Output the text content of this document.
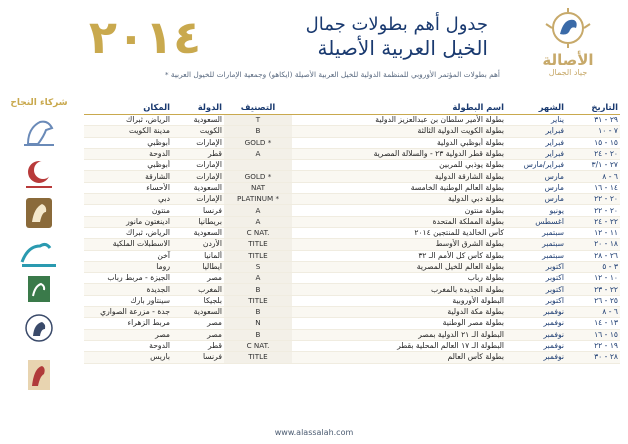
الأصالة
جياد الجمال
٢٠١٤	جدول أهم بطولات جمال
الخيل العربية الأصيلة
أهم بطولات المؤتمر الأوروبي للمنظمة الدولية للخيل العربية الأصيلة (ايكاهو) وجمعية الإمارات للخيول العربية *
شركاء النجاح	المكان	الدولة	التصنيف	اسم البطولة	الشهر	التاريخ
الرياض، ثبراك	السعودية	T	بطولة الأمير سلطان بن عبدالعزيز الدولية	يناير	٢٩ - ٣١
مدينة الكويت	الكويت	B	بطولة الكويت الدولية الثالثة	فبراير	٧ - ١٠
أبوظبي	الإمارات	GOLD *	بطولة أبوظبي الدولية	فبراير	١٥ - ١٥
الدوحة	قطر	A	بطولة قطر الدولية ٢٣ - والسلالة المصرية	فبراير	٢٠ - ٢٤
أبوظبي	الإمارات		بطولة يوذبي للمربين	فبراير/مارس	٢٧ - ٣/١
الشارقة	الإمارات	GOLD *	بطولة الشارقة الدولية	مارس	٦ - ٨
الأحساء	السعودية	NAT	بطولة العالم الوطنية الخامسة	مارس	١٤ - ١٦
دبي	الإمارات	PLATINUM *	بطولة دبي الدولية	مارس	٢٠ - ٢٢
منتون	فرنسا	A	بطولة منتون	يونيو	٢٠ - ٢٢
ادينغتون مانور	بريطانيا	A	بطولة المملكة المتحدة	اغسطس	٢٢ - ٢٤
الرياض، ثبراك	السعودية	C NAT.	كأس الخالدية للمنتجين ٢٠١٤	سبتمبر	١١ - ١٢
الاسطبلات الملكية	الأردن	TITLE	بطولة الشرق الأوسط	سبتمبر	١٨ - ٢٠
آخن	ألمانيا	TITLE	بطولة كأس كل الأمم الـ ٣٢	سبتمبر	٢٦ - ٢٨
روما	ايطاليا	S	بطولة العالم للخيل المصرية	اكتوبر	٣ - ٥
الجيزة - مربط رباب	مصر	A	بطولة رباب	اكتوبر	١٠ - ١٢
الجديدة	المغرب	B	بطولة الجديدة بالمغرب	اكتوبر	٢٢ - ٢٣
سينتاور بارك	بلجيكا	TITLE	البطولة الأوروبية	اكتوبر	٢٥ - ٢٦
جدة - مزرعة الصواري	السعودية	B	بطولة مكة الدولية	نوفمبر	٦ - ٨
مربط الزهراء	مصر	N	بطولة مصر الوطنية	نوفمبر	١٣ - ١٤
مصر	مصر	B	البطولة الـ ٢١ الدولية بمصر	نوفمبر	١٥ - ١٦
الدوحة	قطر	C NAT.	البطولة الـ ١٧ العالم المحلية بقطر	نوفمبر	١٩ - ٢٢
باريس	فرنسا	TITLE	بطولة كأس العالم	نوفمبر	٢٨ - ٣٠
www.alassalah.com
